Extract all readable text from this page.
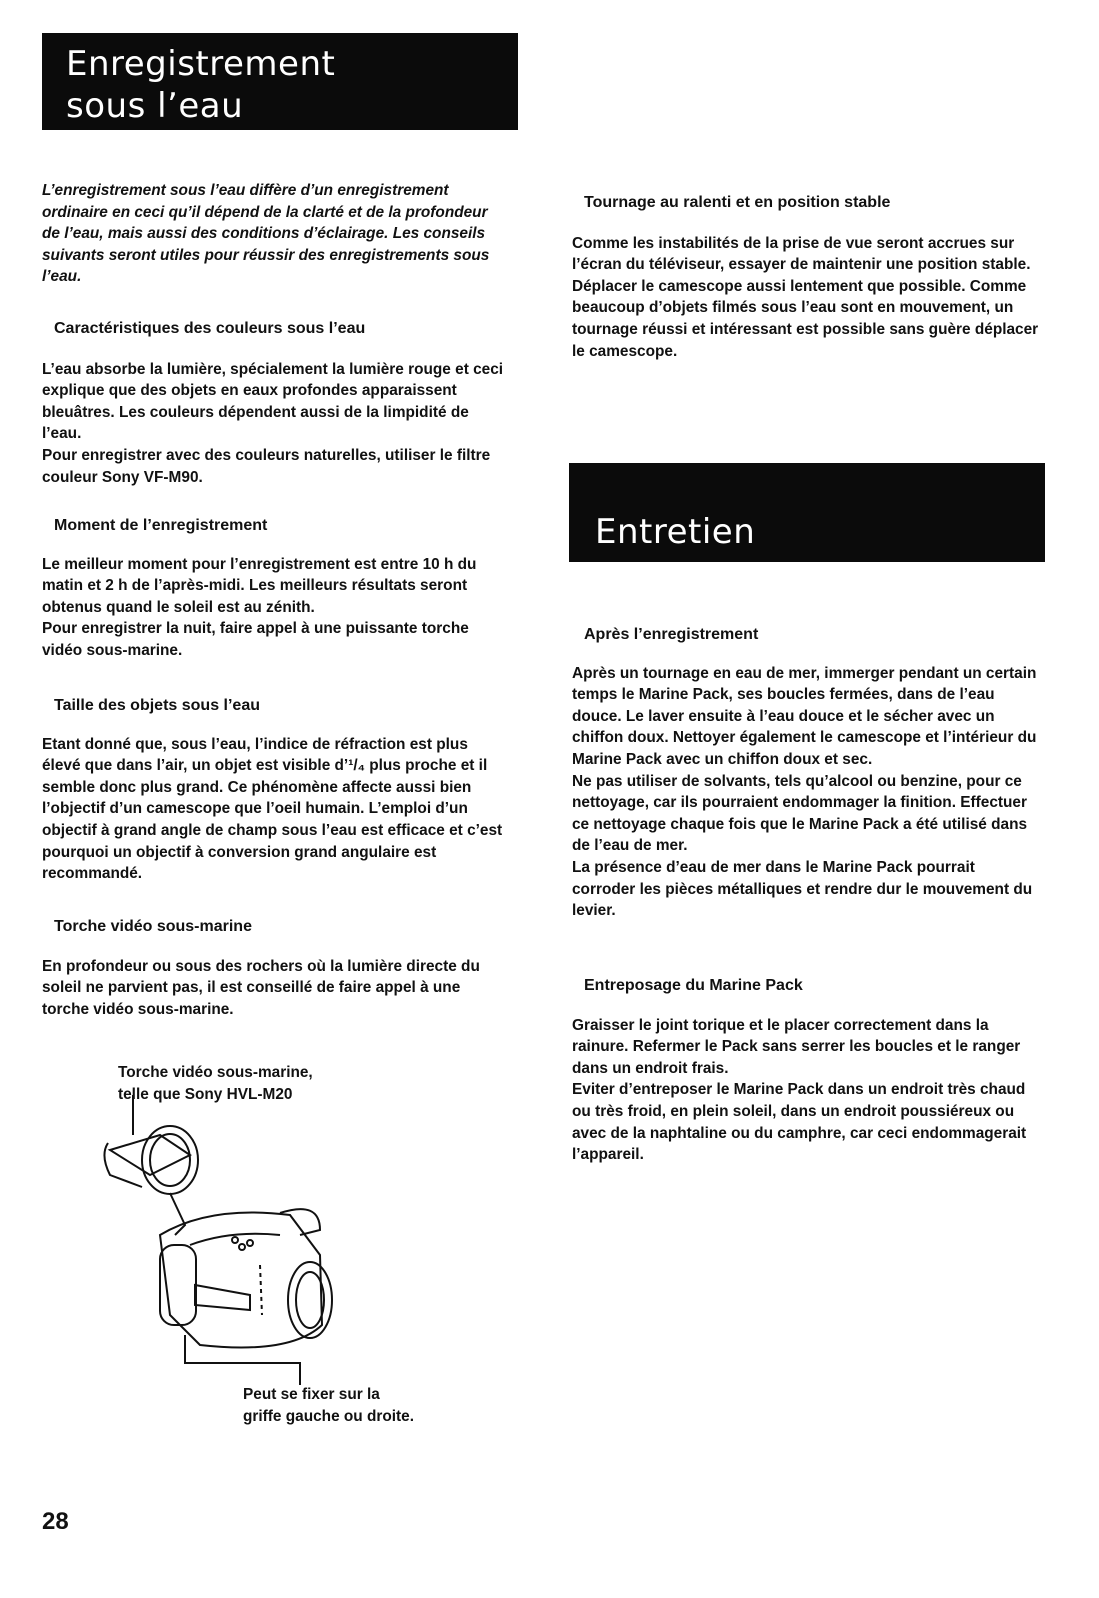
Enregistrement
sous l’eau

L’enregistrement sous l’eau diffère d’un enregistrement ordinaire en ceci qu’il dépend de la clarté et de la profondeur de l’eau, mais aussi des conditions d’éclairage. Les conseils suivants seront utiles pour réussir des enregistrements sous l’eau.

Caractéristiques des couleurs sous l’eau

L’eau absorbe la lumière, spécialement la lumière rouge et ceci explique que des objets en eaux profondes apparaissent bleuâtres. Les couleurs dépendent aussi de la limpidité de l’eau.

Pour enregistrer avec des couleurs naturelles, utiliser le filtre couleur Sony VF-M90.

Moment de l’enregistrement

Le meilleur moment pour l’enregistrement est entre 10 h du matin et 2 h de l’après-midi. Les meilleurs résultats seront obtenus quand le soleil est au zénith.

Pour enregistrer la nuit, faire appel à une puissante torche vidéo sous-marine.

Taille des objets sous l’eau

Etant donné que, sous l’eau, l’indice de réfraction est plus élevé que dans l’air, un objet est visible d’¹/₄ plus proche et il semble donc plus grand. Ce phénomène affecte aussi bien l’objectif d’un camescope que l’oeil humain. L’emploi d’un objectif à grand angle de champ sous l’eau est efficace et c’est pourquoi un objectif à conversion grand angulaire est recommandé.

Torche vidéo sous-marine

En profondeur ou sous des rochers où la lumière directe du soleil ne parvient pas, il est conseillé de faire appel à une torche vidéo sous-marine.

Torche vidéo sous-marine,
telle que Sony HVL-M20
Peut se fixer sur la
griffe gauche ou droite.
Tournage au ralenti et en position stable

Comme les instabilités de la prise de vue seront accrues sur l’écran du téléviseur, essayer de maintenir une position stable. Déplacer le camescope aussi lentement que possible. Comme beaucoup d’objets filmés sous l’eau sont en mouvement, un tournage réussi et intéressant est possible sans guère déplacer le camescope.

Entretien
Après l’enregistrement

Après un tournage en eau de mer, immerger pendant un certain temps le Marine Pack, ses boucles fermées, dans de l’eau douce. Le laver ensuite à l’eau douce et le sécher avec un chiffon doux. Nettoyer également le camescope et l’intérieur du Marine Pack avec un chiffon doux et sec.

Ne pas utiliser de solvants, tels qu’alcool ou benzine, pour ce nettoyage, car ils pourraient endommager la finition. Effectuer ce nettoyage chaque fois que le Marine Pack a été utilisé dans de l’eau de mer.

La présence d’eau de mer dans le Marine Pack pourrait corroder les pièces métalliques et rendre dur le mouvement du levier.

Entreposage du Marine Pack

Graisser le joint torique et le placer correctement dans la rainure. Refermer le Pack sans serrer les boucles et le ranger dans un endroit frais.

Eviter d’entreposer le Marine Pack dans un endroit très chaud ou très froid, en plein soleil, dans un endroit poussiéreux ou avec de la naphtaline ou du camphre, car ceci endommagerait l’appareil.

28
